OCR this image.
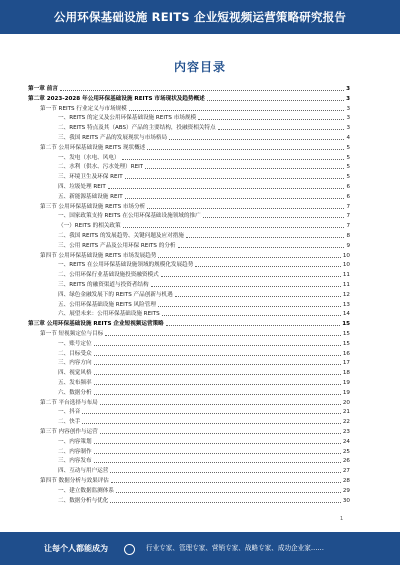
公用环保基础设施 REITS 企业短视频运营策略研究报告
内容目录
第一章 前言	3
第二章 2023-2028 年公用环保基础设施 REITS 市场现状及趋势概述	3
第一节 REITS 行业定义与市场规模	3
一、REITS 的定义及公用环保基础设施 REITS 市场规模	3
二、REITS 特点及其（ABS）产品的主要结构，投融资相关特点	3
三、我国 REITS 产品的发展现状与市场格局	4
第二节 公用环保基础设施 REITS 现状概述	5
一、发电（水电、风电）	5
二、水利（供水、污水处理）REIT	5
三、环境卫生及环保 REIT	5
四、垃圾处理 REIT	6
五、新能源基础设施 REIT	6
第三节 公用环保基础设施 REITS 市场分析	7
一、国家政策支持 REITS 在公用环保基础设施领域的推广	7
（一）REITS 的相关政策	7
二、我国 REITS 的发展趋势、关键问题及应对措施	8
三、公用 REITS 产品及公用环保 REITS 的分析	9
第四节 公用环保基础设施 REITS 市场发展趋势	10
一、REITS 在公用环保基础设施领域的规模化发展趋势	10
二、公用环保行业基础设施投资融资模式	11
三、REITS 的融资渠道与投资者结构	11
四、绿色金融发展下的 REITS 产品创新与机遇	12
五、公用环保基础设施 REITS 风险管理	13
六、展望未来：公用环保基础设施 REITS	14
第三章 公用环保基础设施 REITS 企业短视频运营策略	15
第一节 短视频定位与目标	15
一、账号定位	15
二、目标受众	16
三、内容方向	17
四、视觉风格	18
五、发布频率	19
六、数据分析	19
第二节 平台选择与布局	20
一、抖音	21
二、快手	22
第三节 内容创作与运营	23
一、内容策划	24
二、内容制作	25
三、内容发布	26
四、互动与用户运营	27
第四节 数据分析与效果评估	28
一、建立数据监测体系	29
二、数据分析与优化	30
1
让每个人都能成为 ○ 行业专家、管理专家、营销专家、战略专家、成功企业家……
